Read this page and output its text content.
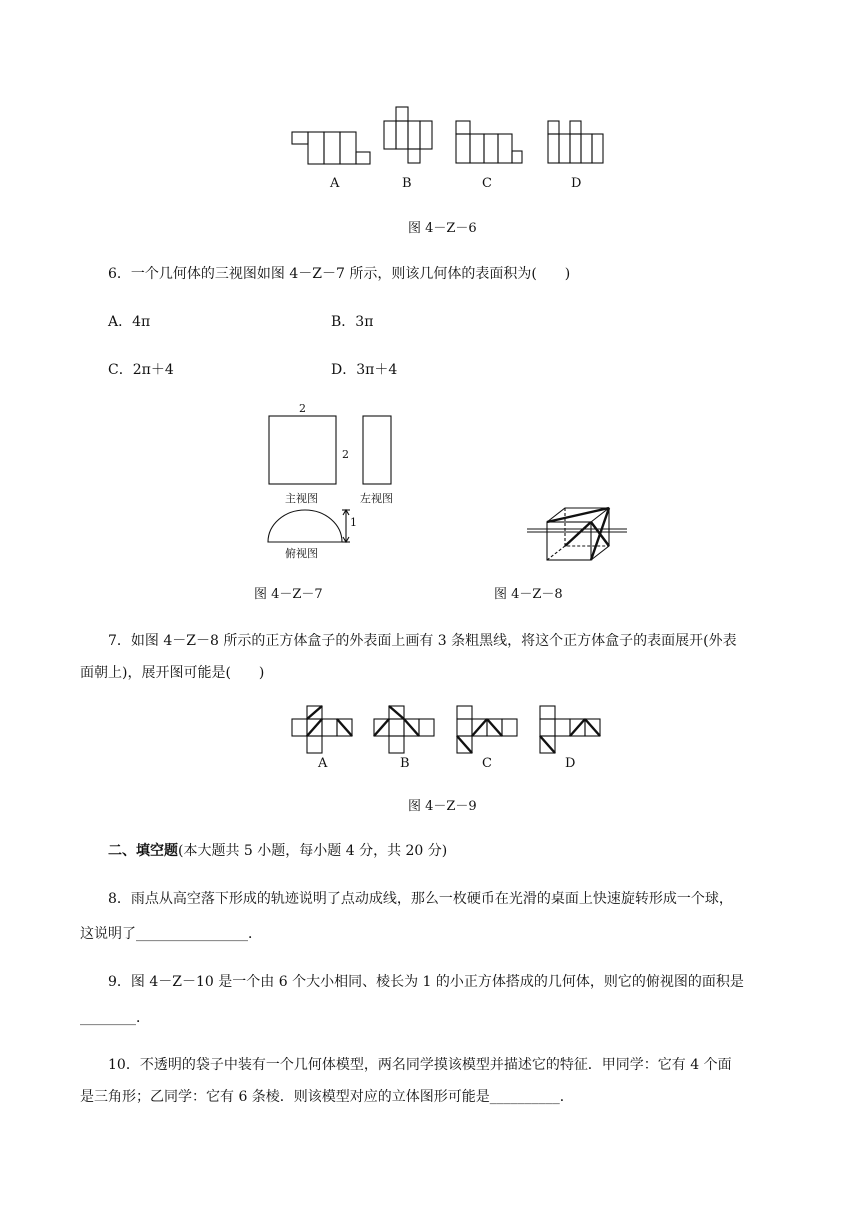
A	B	C	D
图 4－Z－6
6．一个几何体的三视图如图 4－Z－7 所示，则该几何体的表面积为(　　)
A．4π	B．3π
C．2π＋4	D．3π＋4
2
2
1
主视图	左视图
俯视图
图 4－Z－7	图 4－Z－8
7．如图 4－Z－8 所示的正方体盒子的外表面上画有 3 条粗黑线，将这个正方体盒子的表面展开(外表
面朝上)，展开图可能是(　　)
A	B	C	D
图 4－Z－9
二、填空题(本大题共 5 小题，每小题 4 分，共 20 分)
8．雨点从高空落下形成的轨迹说明了点动成线，那么一枚硬币在光滑的桌面上快速旋转形成一个球，
这说明了________________．
9．图 4－Z－10 是一个由 6 个大小相同、棱长为 1 的小正方体搭成的几何体，则它的俯视图的面积是
________．
10．不透明的袋子中装有一个几何体模型，两名同学摸该模型并描述它的特征．甲同学：它有 4 个面
是三角形；乙同学：它有 6 条棱．则该模型对应的立体图形可能是__________．
